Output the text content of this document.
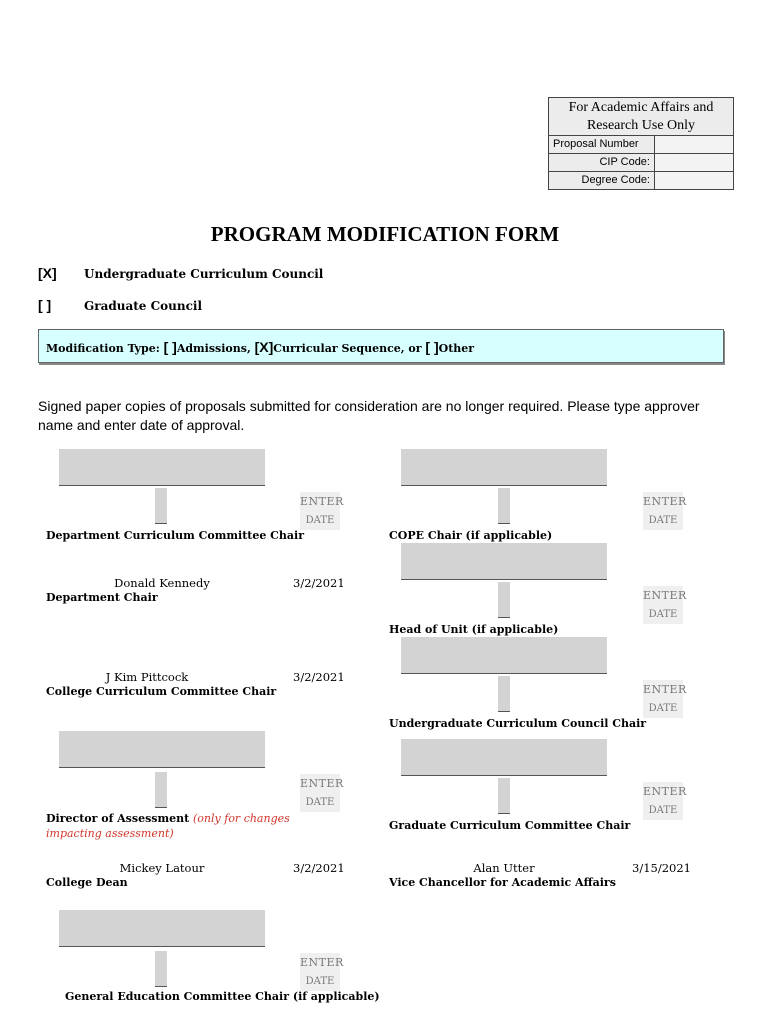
For Academic Affairs and Research Use Only
Proposal Number
CIP Code:
Degree Code:
PROGRAM MODIFICATION FORM
[X] Undergraduate Curriculum Council
[ ]	Graduate Council
Modification Type: [ ]Admissions, [X]Curricular Sequence, or [ ]Other
Signed paper copies of proposals submitted for consideration are no longer required. Please type approver name and enter date of approval.
ENTER
DATE
Department Curriculum Committee Chair
Donald Kennedy	3/2/2021
Department Chair
J Kim Pittcock	3/2/2021
College Curriculum Committee Chair
ENTER
DATE
Director of Assessment (only for changes impacting assessment)
Mickey Latour	3/2/2021
College Dean
ENTER
DATE
General Education Committee Chair (if applicable)
ENTER
DATE
COPE Chair (if applicable)
ENTER
DATE
Head of Unit (if applicable)
ENTER
DATE
Undergraduate Curriculum Council Chair
ENTER
DATE
Graduate Curriculum Committee Chair
Alan Utter	3/15/2021
Vice Chancellor for Academic Affairs
